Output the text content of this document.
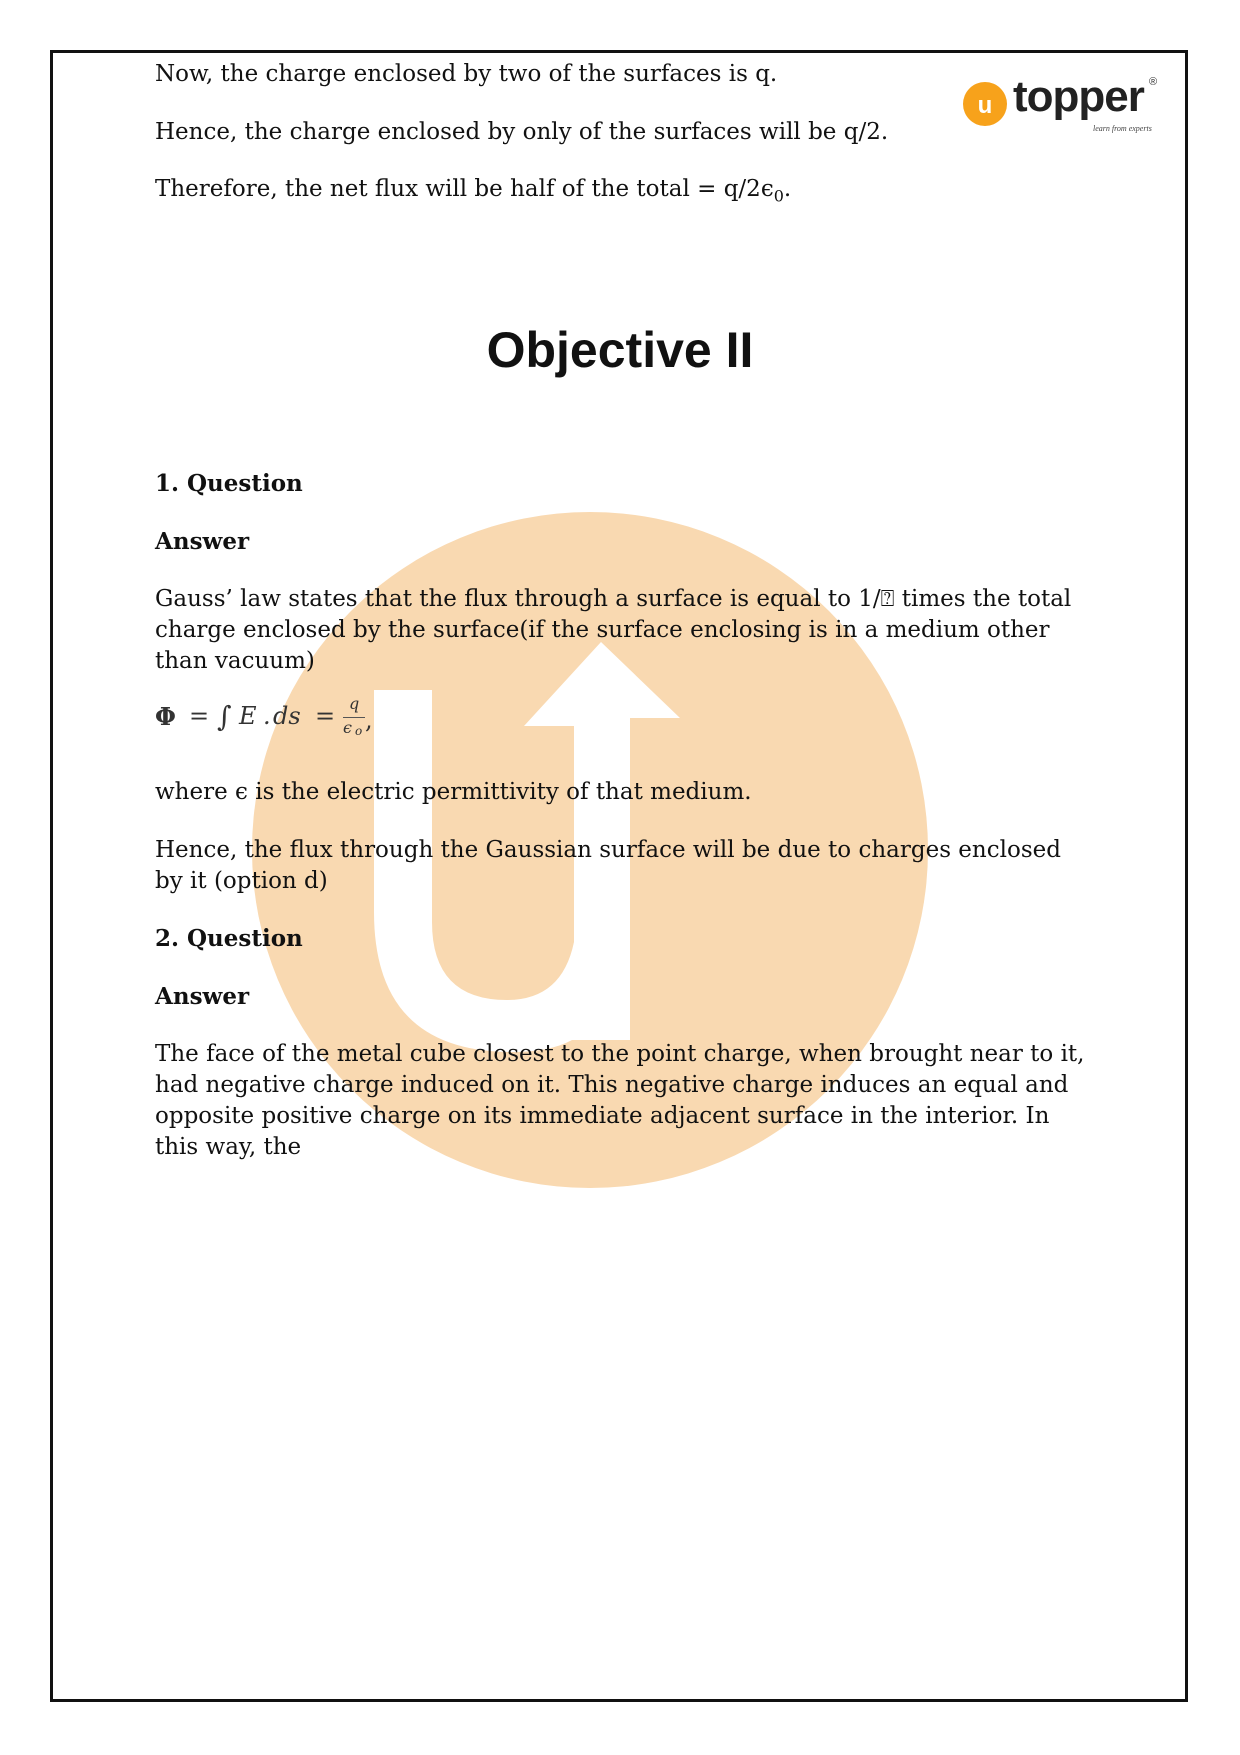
u topper ®
learn from experts

Now, the charge enclosed by two of the surfaces is q.

Hence, the charge enclosed by only of the surfaces will be q/2.

Therefore, the net flux will be half of the total = $q/2\epsilon_0$.

Objective II

1. Question

Answer

Gauss’ law states that the flux through a surface is equal to 1/⍰ times the total charge enclosed by the surface(if the surface enclosing is in a medium other than vacuum)

Φ = ∫ E . ds = q
ϵ o ,

where ϵ is the electric permittivity of that medium.

Hence, the flux through the Gaussian surface will be due to charges enclosed by it (option d)

2. Question

Answer

The face of the metal cube closest to the point charge, when brought near to it, had negative charge induced on it. This negative charge induces an equal and opposite positive charge on its immediate adjacent surface in the interior. In this way, the
